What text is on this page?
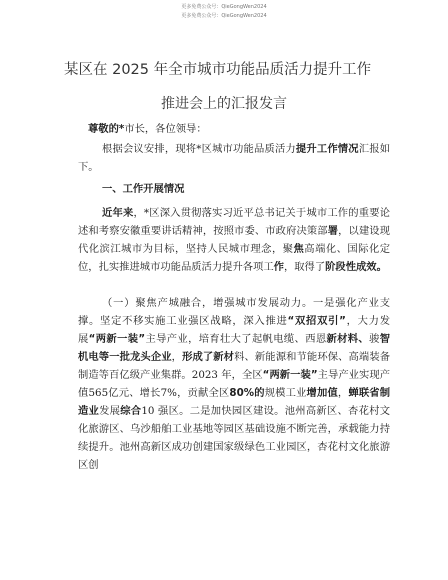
更多免费公众号：QieGongWen2024
更多免费公众号：QieGongWen2024
某区在 2025 年全市城市功能品质活力提升工作
推进会上的汇报发言

尊敬的*市长，各位领导：

根据会议安排，现将*区城市功能品质活力提升工作情况汇报如下。

一、工作开展情况

近年来，*区深入贯彻落实习近平总书记关于城市工作的重要论述和考察安徽重要讲话精神，按照市委、市政府决策部署，以建设现代化滨江城市为目标，坚持人民城市理念，聚焦高端化、国际化定位，扎实推进城市功能品质活力提升各项工作，取得了阶段性成效。

（一）聚焦产城融合，增强城市发展动力。一是强化产业支撑。坚定不移实施工业强区战略，深入推进“双招双引”，大力发展“两新一装”主导产业，培育壮大了起帆电缆、西恩新材料、骏智机电等一批龙头企业，形成了新材料、新能源和节能环保、高端装备制造等百亿级产业集群。2023 年，全区“两新一装”主导产业实现产值565亿元、增长7%，贡献全区80%的规模工业增加值，蝉联省制造业发展综合10 强区。二是加快园区建设。池州高新区、杏花村文化旅游区、乌沙船舶工业基地等园区基础设施不断完善，承载能力持续提升。池州高新区成功创建国家级绿色工业园区，杏花村文化旅游区创
